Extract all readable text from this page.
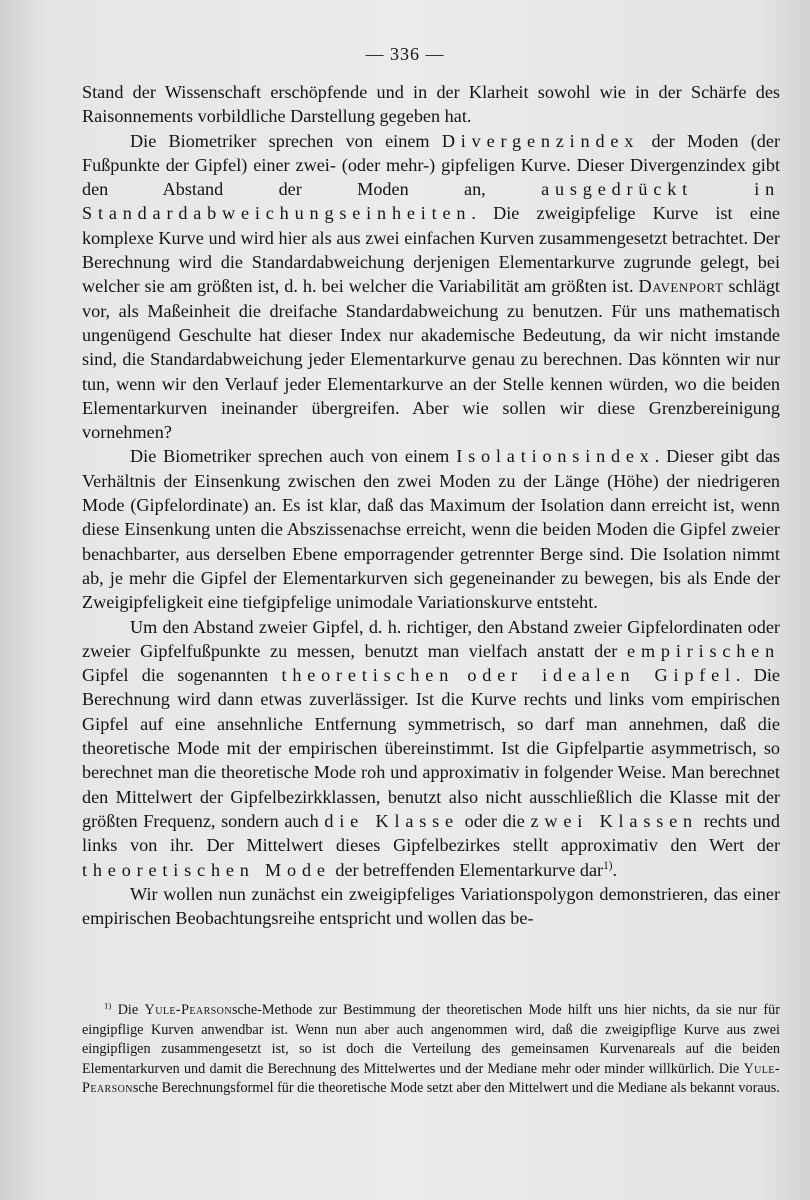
— 336 —

Stand der Wissenschaft erschöpfende und in der Klarheit sowohl wie in der Schärfe des Raisonnements vorbildliche Darstellung gegeben hat.

Die Biometriker sprechen von einem Divergenzindex der Moden (der Fußpunkte der Gipfel) einer zwei- (oder mehr-) gipfeligen Kurve. Dieser Divergenzindex gibt den Abstand der Moden an, ausgedrückt in Standardabweichungseinheiten. Die zweigipfelige Kurve ist eine komplexe Kurve und wird hier als aus zwei einfachen Kurven zusammengesetzt betrachtet. Der Berechnung wird die Standardabweichung derjenigen Elementarkurve zugrunde gelegt, bei welcher sie am größten ist, d. h. bei welcher die Variabilität am größten ist. Davenport schlägt vor, als Maßeinheit die dreifache Standardabweichung zu benutzen. Für uns mathematisch ungenügend Geschulte hat dieser Index nur akademische Bedeutung, da wir nicht imstande sind, die Standardabweichung jeder Elementarkurve genau zu berechnen. Das könnten wir nur tun, wenn wir den Verlauf jeder Elementarkurve an der Stelle kennen würden, wo die beiden Elementarkurven ineinander übergreifen. Aber wie sollen wir diese Grenzbereinigung vornehmen?

Die Biometriker sprechen auch von einem Isolationsindex. Dieser gibt das Verhältnis der Einsenkung zwischen den zwei Moden zu der Länge (Höhe) der niedrigeren Mode (Gipfelordinate) an. Es ist klar, daß das Maximum der Isolation dann erreicht ist, wenn diese Einsenkung unten die Abszissenachse erreicht, wenn die beiden Moden die Gipfel zweier benachbarter, aus derselben Ebene emporragender getrennter Berge sind. Die Isolation nimmt ab, je mehr die Gipfel der Elementarkurven sich gegeneinander zu bewegen, bis als Ende der Zweigipfeligkeit eine tiefgipfelige unimodale Variationskurve entsteht.

Um den Abstand zweier Gipfel, d. h. richtiger, den Abstand zweier Gipfelordinaten oder zweier Gipfelfußpunkte zu messen, benutzt man vielfach anstatt der empirischen Gipfel die sogenannten theoretischen oder idealen Gipfel. Die Berechnung wird dann etwas zuverlässiger. Ist die Kurve rechts und links vom empirischen Gipfel auf eine ansehnliche Entfernung symmetrisch, so darf man annehmen, daß die theoretische Mode mit der empirischen übereinstimmt. Ist die Gipfelpartie asymmetrisch, so berechnet man die theoretische Mode roh und approximativ in folgender Weise. Man berechnet den Mittelwert der Gipfelbezirkklassen, benutzt also nicht ausschließlich die Klasse mit der größten Frequenz, sondern auch die Klasse oder die zwei Klassen rechts und links von ihr. Der Mittelwert dieses Gipfelbezirkes stellt approximativ den Wert der theoretischen Mode der betreffenden Elementarkurve dar$^{1)}$.

Wir wollen nun zunächst ein zweigipfeliges Variationspolygon demonstrieren, das einer empirischen Beobachtungsreihe entspricht und wollen das be-

$^{1)}$ Die Yule-Pearsonsche-Methode zur Bestimmung der theoretischen Mode hilft uns hier nichts, da sie nur für eingipflige Kurven anwendbar ist. Wenn nun aber auch angenommen wird, daß die zweigipflige Kurve aus zwei eingipfligen zusammengesetzt ist, so ist doch die Verteilung des gemeinsamen Kurvenareals auf die beiden Elementarkurven und damit die Berechnung des Mittelwertes und der Mediane mehr oder minder willkürlich. Die Yule-Pearsonsche Berechnungsformel für die theoretische Mode setzt aber den Mittelwert und die Mediane als bekannt voraus.
